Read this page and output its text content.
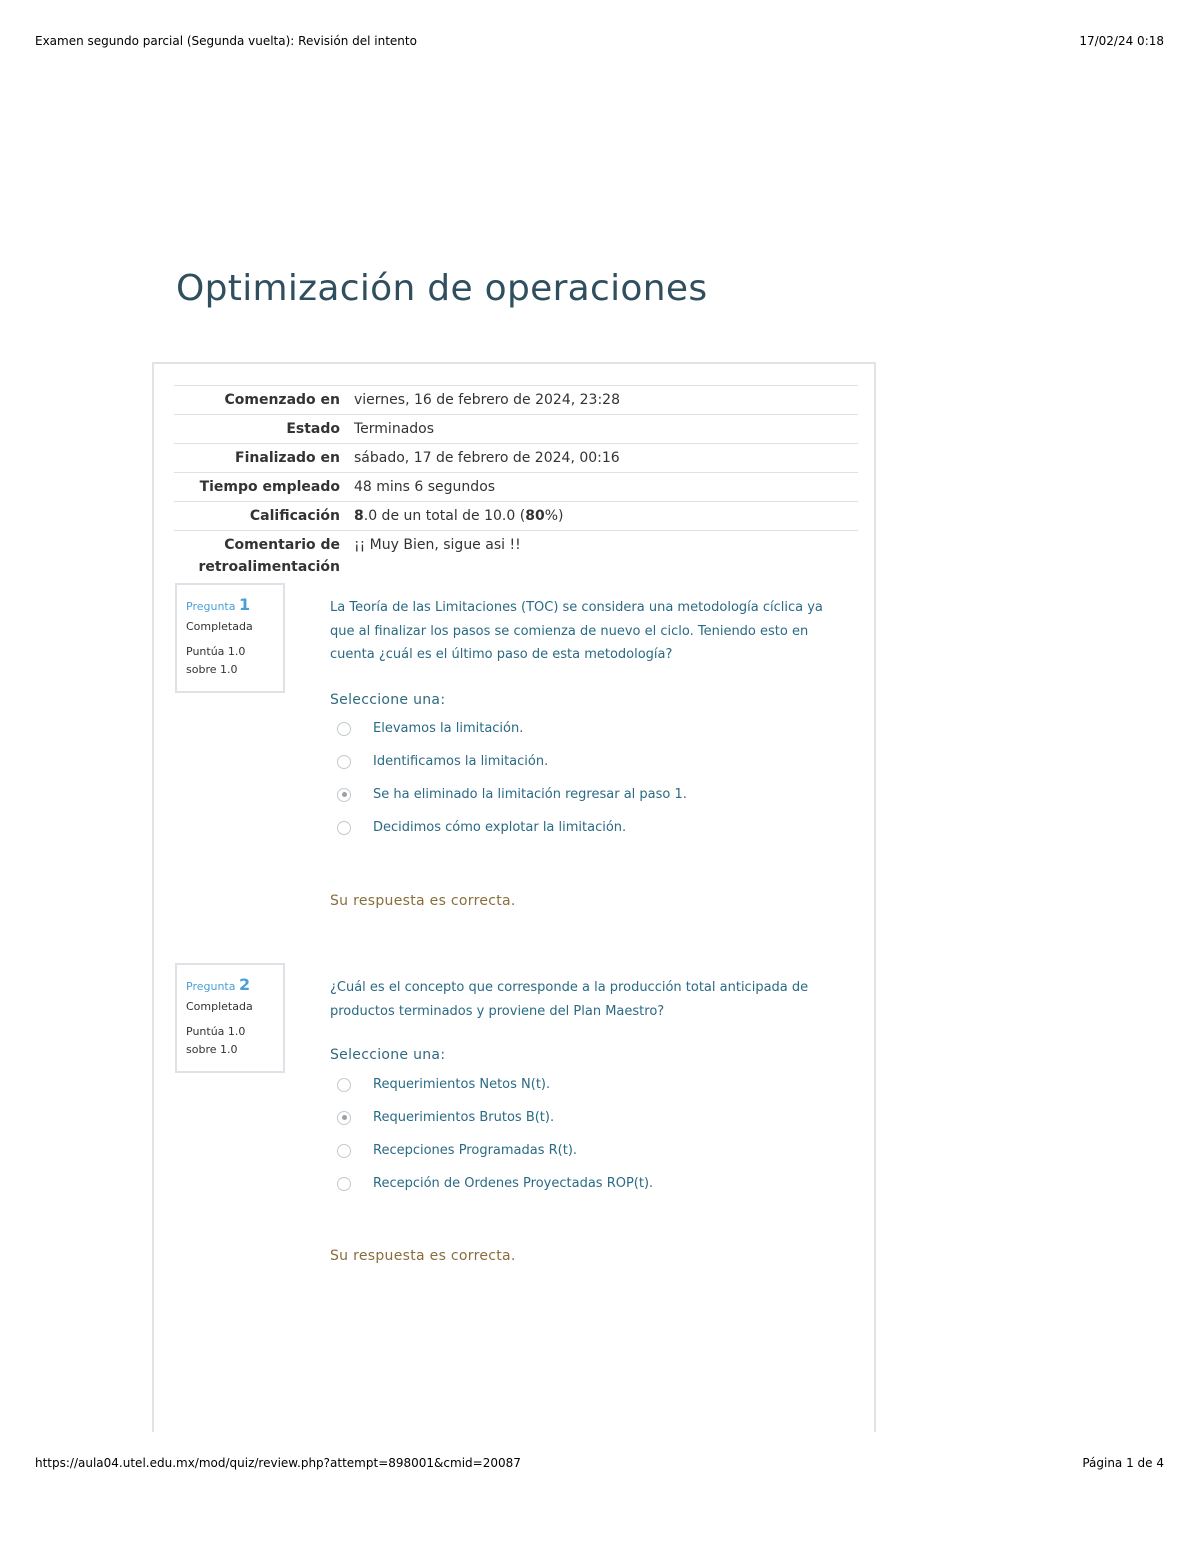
Examen segundo parcial (Segunda vuelta): Revisión del intento	17/02/24 0:18
Optimización de operaciones
Comenzado en	viernes, 16 de febrero de 2024, 23:28
Estado	Terminados
Finalizado en	sábado, 17 de febrero de 2024, 00:16
Tiempo empleado	48 mins 6 segundos
Calificación	8.0 de un total de 10.0 (80%)
Comentario de retroalimentación	¡¡ Muy Bien, sigue asi !!
Pregunta 1
Completada
Puntúa 1.0 sobre 1.0
La Teoría de las Limitaciones (TOC) se considera una metodología cíclica ya que al finalizar los pasos se comienza de nuevo el ciclo. Teniendo esto en cuenta ¿cuál es el último paso de esta metodología?
Seleccione una:
Elevamos la limitación.
Identificamos la limitación.
Se ha eliminado la limitación regresar al paso 1.
Decidimos cómo explotar la limitación.
Su respuesta es correcta.
Pregunta 2
Completada
Puntúa 1.0 sobre 1.0
¿Cuál es el concepto que corresponde a la producción total anticipada de productos terminados y proviene del Plan Maestro?
Seleccione una:
Requerimientos Netos N(t).
Requerimientos Brutos B(t).
Recepciones Programadas R(t).
Recepción de Ordenes Proyectadas ROP(t).
Su respuesta es correcta.
https://aula04.utel.edu.mx/mod/quiz/review.php?attempt=898001&cmid=20087	Página 1 de 4
